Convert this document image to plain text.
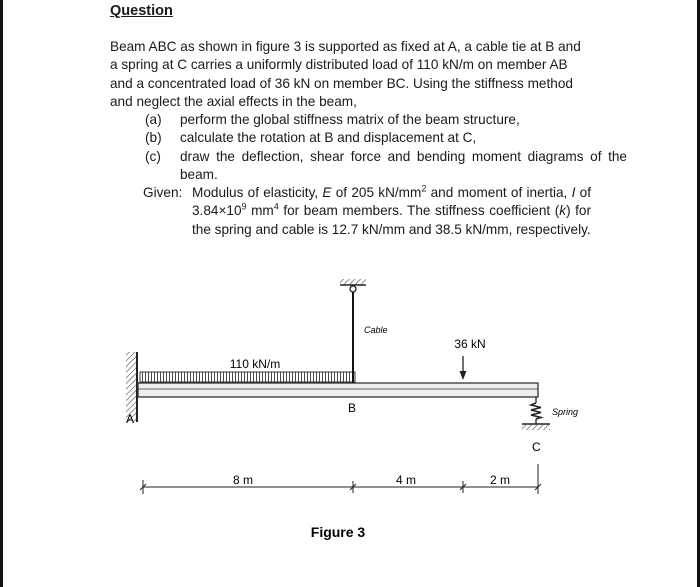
Question
Beam ABC as shown in figure 3 is supported as fixed at A, a cable tie at B and
a spring at C carries a uniformly distributed load of 110 kN/m on member AB
and a concentrated load of 36 kN on member BC. Using the stiffness method
and neglect the axial effects in the beam,
(a) perform the global stiffness matrix of the beam structure,
(b) calculate the rotation at B and displacement at C,
(c) draw the deflection, shear force and bending moment diagrams of the beam.
Given: Modulus of elasticity, E of 205 $kN/mm^2$ and moment of inertia, I of $3.84\times 10^9$ $mm^4$ for beam members. The stiffness coefficient (k) for the spring and cable is 12.7 kN/mm and 38.5 kN/mm, respectively.
110 kN/m
Cable
36 kN
Spring
A
B
C
8 m	4 m	2 m
Figure 3
